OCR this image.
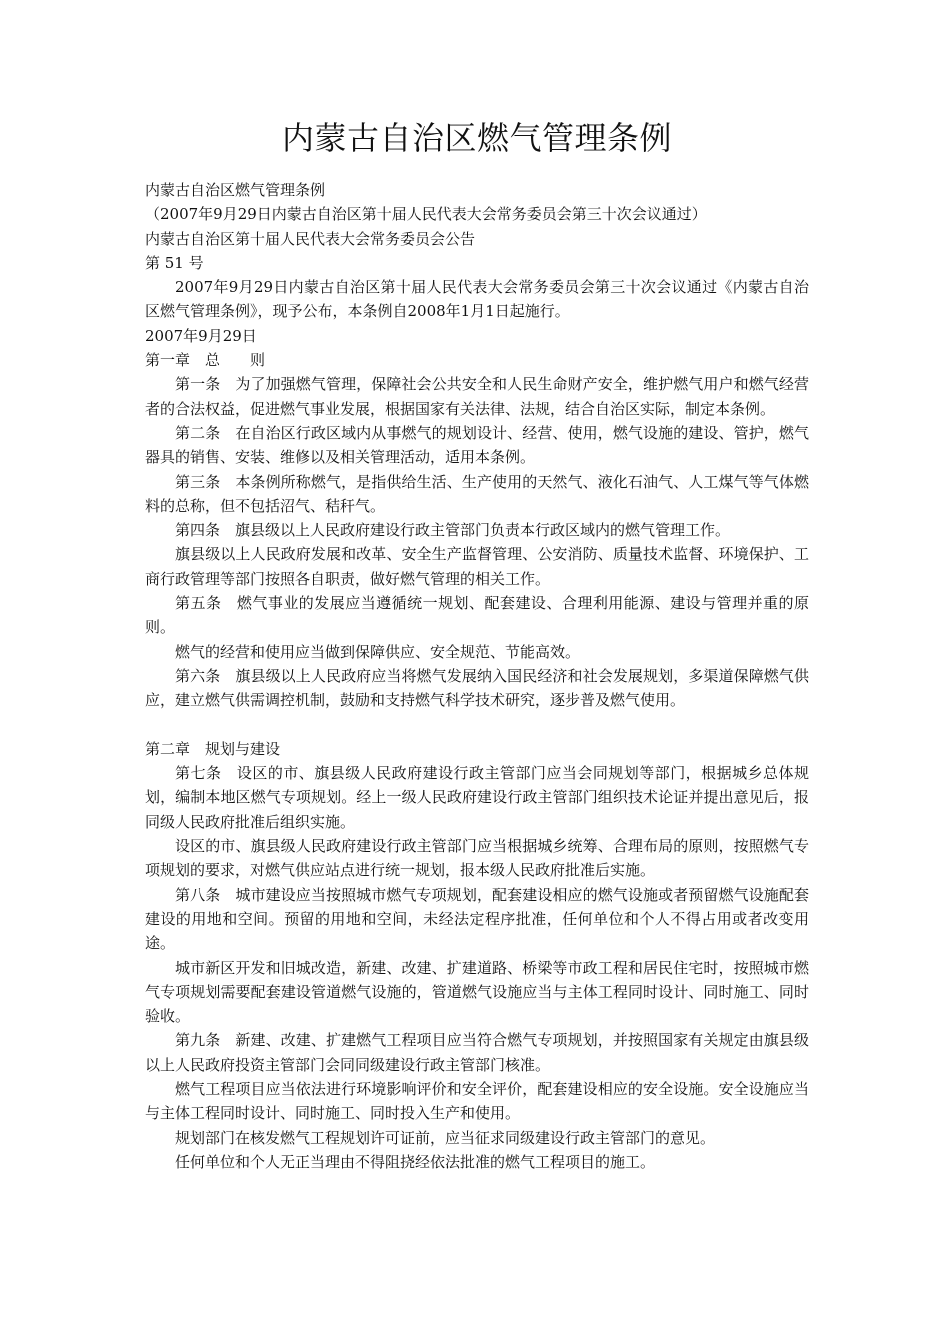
内蒙古自治区燃气管理条例

内蒙古自治区燃气管理条例

（2007年9月29日内蒙古自治区第十届人民代表大会常务委员会第三十次会议通过）

内蒙古自治区第十届人民代表大会常务委员会公告

第 51 号

2007年9月29日内蒙古自治区第十届人民代表大会常务委员会第三十次会议通过《内蒙古自治区燃气管理条例》，现予公布，本条例自2008年1月1日起施行。

2007年9月29日

第一章　总　　则

第一条　为了加强燃气管理，保障社会公共安全和人民生命财产安全，维护燃气用户和燃气经营者的合法权益，促进燃气事业发展，根据国家有关法律、法规，结合自治区实际，制定本条例。

第二条　在自治区行政区域内从事燃气的规划设计、经营、使用，燃气设施的建设、管护，燃气器具的销售、安装、维修以及相关管理活动，适用本条例。

第三条　本条例所称燃气，是指供给生活、生产使用的天然气、液化石油气、人工煤气等气体燃料的总称，但不包括沼气、秸秆气。

第四条　旗县级以上人民政府建设行政主管部门负责本行政区域内的燃气管理工作。

旗县级以上人民政府发展和改革、安全生产监督管理、公安消防、质量技术监督、环境保护、工商行政管理等部门按照各自职责，做好燃气管理的相关工作。

第五条　燃气事业的发展应当遵循统一规划、配套建设、合理利用能源、建设与管理并重的原则。

燃气的经营和使用应当做到保障供应、安全规范、节能高效。

第六条　旗县级以上人民政府应当将燃气发展纳入国民经济和社会发展规划，多渠道保障燃气供应，建立燃气供需调控机制，鼓励和支持燃气科学技术研究，逐步普及燃气使用。

第二章　规划与建设

第七条　设区的市、旗县级人民政府建设行政主管部门应当会同规划等部门，根据城乡总体规划，编制本地区燃气专项规划。经上一级人民政府建设行政主管部门组织技术论证并提出意见后，报同级人民政府批准后组织实施。

设区的市、旗县级人民政府建设行政主管部门应当根据城乡统筹、合理布局的原则，按照燃气专项规划的要求，对燃气供应站点进行统一规划，报本级人民政府批准后实施。

第八条　城市建设应当按照城市燃气专项规划，配套建设相应的燃气设施或者预留燃气设施配套建设的用地和空间。预留的用地和空间，未经法定程序批准，任何单位和个人不得占用或者改变用途。

城市新区开发和旧城改造，新建、改建、扩建道路、桥梁等市政工程和居民住宅时，按照城市燃气专项规划需要配套建设管道燃气设施的，管道燃气设施应当与主体工程同时设计、同时施工、同时验收。

第九条　新建、改建、扩建燃气工程项目应当符合燃气专项规划，并按照国家有关规定由旗县级以上人民政府投资主管部门会同同级建设行政主管部门核准。

燃气工程项目应当依法进行环境影响评价和安全评价，配套建设相应的安全设施。安全设施应当与主体工程同时设计、同时施工、同时投入生产和使用。

规划部门在核发燃气工程规划许可证前，应当征求同级建设行政主管部门的意见。

任何单位和个人无正当理由不得阻挠经依法批准的燃气工程项目的施工。
